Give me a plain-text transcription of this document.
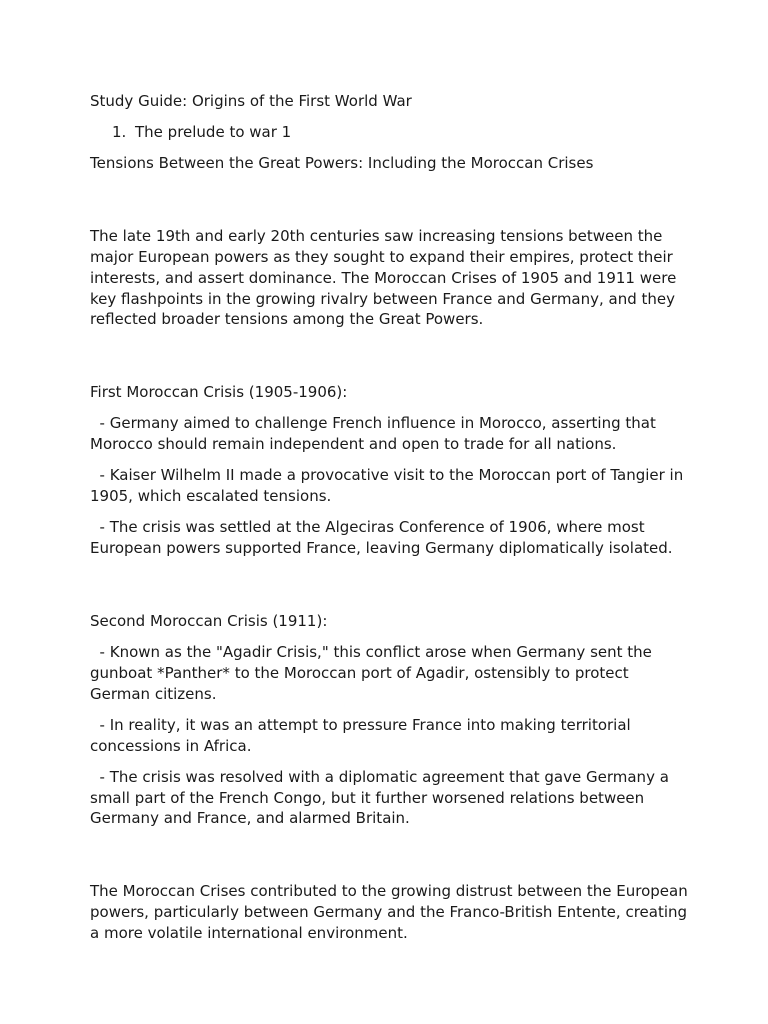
Study Guide: Origins of the First World War

1. The prelude to war 1

Tensions Between the Great Powers: Including the Moroccan Crises

The late 19th and early 20th centuries saw increasing tensions between the major European powers as they sought to expand their empires, protect their interests, and assert dominance. The Moroccan Crises of 1905 and 1911 were key flashpoints in the growing rivalry between France and Germany, and they reflected broader tensions among the Great Powers.

First Moroccan Crisis (1905-1906):

- Germany aimed to challenge French influence in Morocco, asserting that Morocco should remain independent and open to trade for all nations.

- Kaiser Wilhelm II made a provocative visit to the Moroccan port of Tangier in 1905, which escalated tensions.

- The crisis was settled at the Algeciras Conference of 1906, where most European powers supported France, leaving Germany diplomatically isolated.

Second Moroccan Crisis (1911):

- Known as the "Agadir Crisis," this conflict arose when Germany sent the gunboat *Panther* to the Moroccan port of Agadir, ostensibly to protect German citizens.

- In reality, it was an attempt to pressure France into making territorial concessions in Africa.

- The crisis was resolved with a diplomatic agreement that gave Germany a small part of the French Congo, but it further worsened relations between Germany and France, and alarmed Britain.

The Moroccan Crises contributed to the growing distrust between the European powers, particularly between Germany and the Franco-British Entente, creating a more volatile international environment.
